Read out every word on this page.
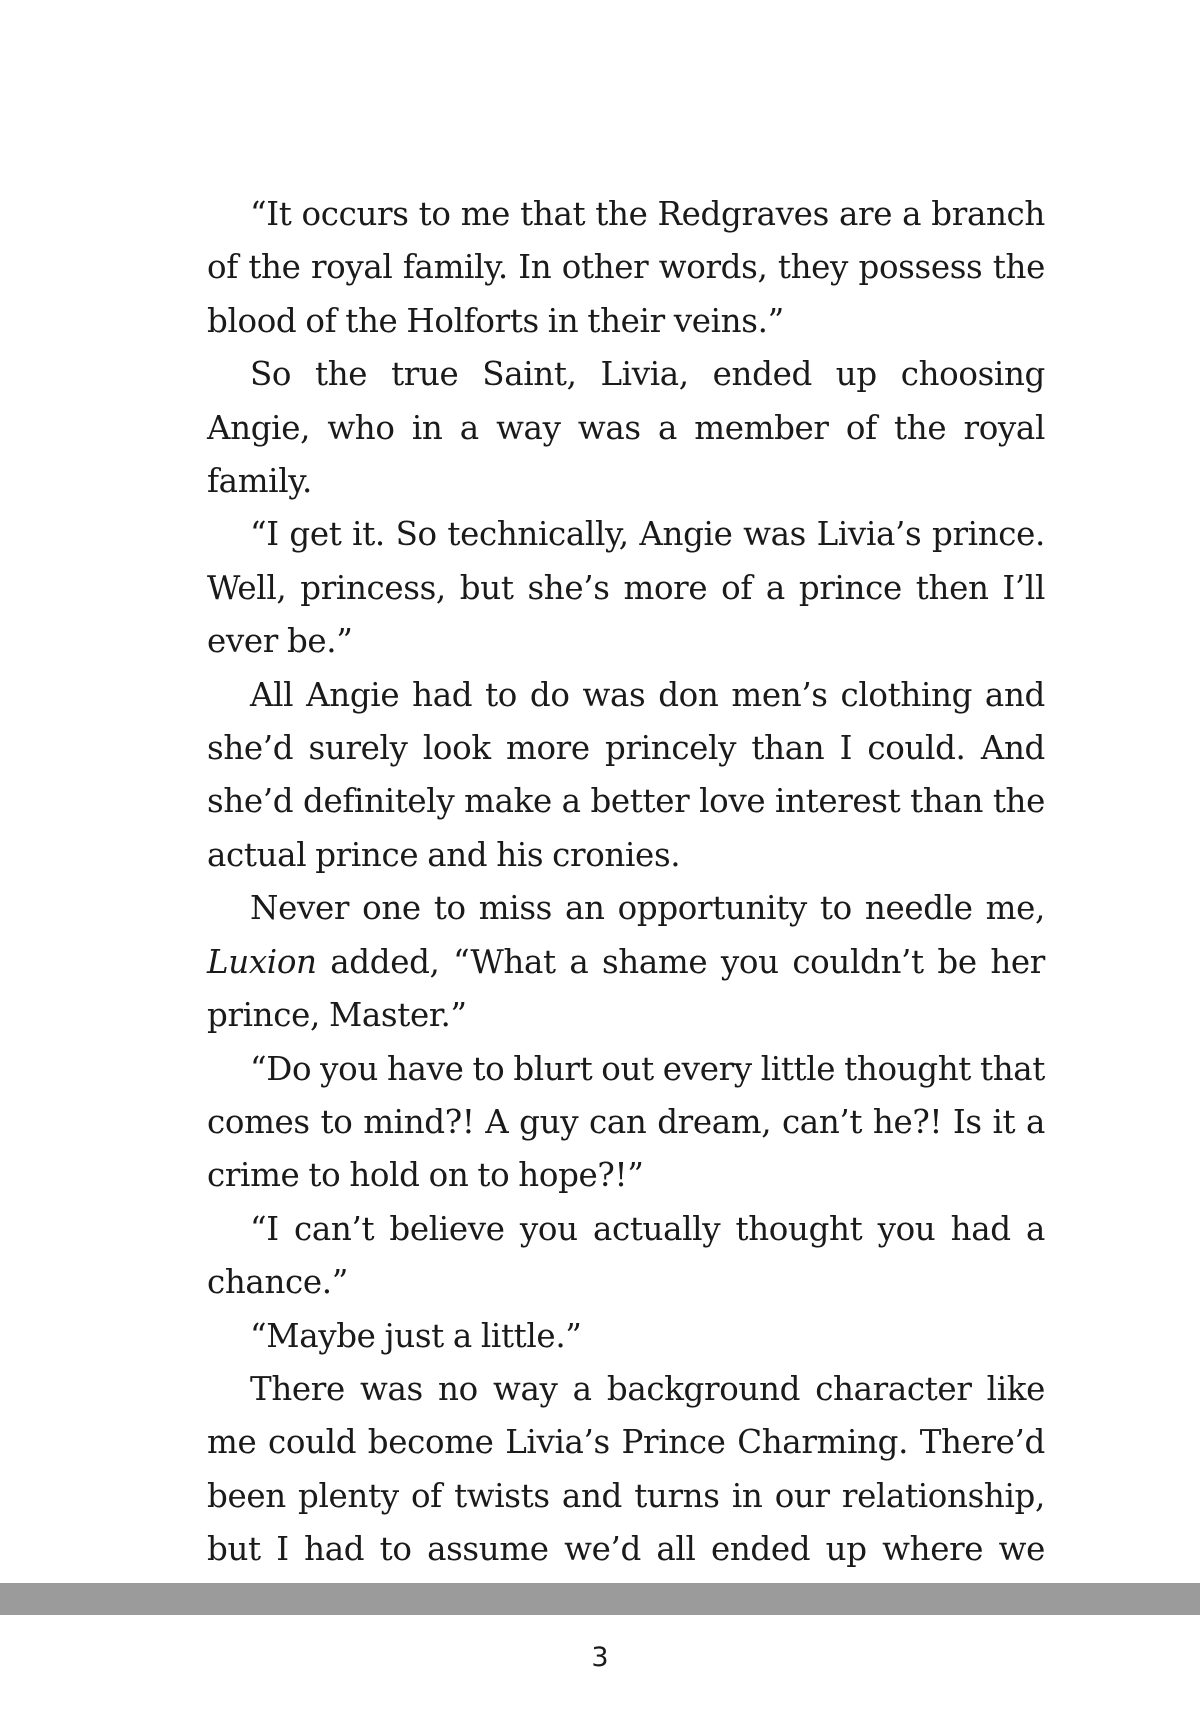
“It occurs to me that the Redgraves are a branch of the royal family. In other words, they possess the blood of the Holforts in their veins.”

So the true Saint, Livia, ended up choosing Angie, who in a way was a member of the royal family.

“I get it. So technically, Angie was Livia’s prince. Well, princess, but she’s more of a prince then I’ll ever be.”

All Angie had to do was don men’s clothing and she’d surely look more princely than I could. And she’d definitely make a better love interest than the actual prince and his cronies.

Never one to miss an opportunity to needle me, Luxion added, “What a shame you couldn’t be her prince, Master.”

“Do you have to blurt out every little thought that comes to mind?! A guy can dream, can’t he?! Is it a crime to hold on to hope?!”

“I can’t believe you actually thought you had a chance.”

“Maybe just a little.”

There was no way a background character like me could become Livia’s Prince Charming. There’d been plenty of twists and turns in our relationship, but I had to assume we’d all ended up where we

3
